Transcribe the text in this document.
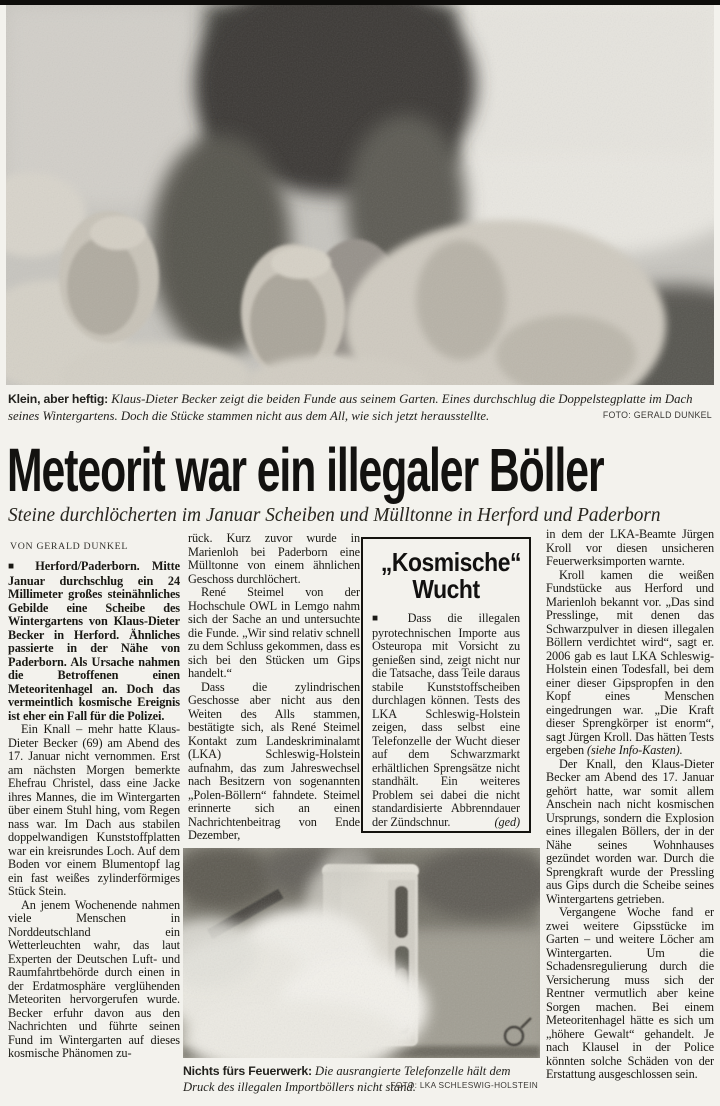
Klein, aber heftig: Klaus-Dieter Becker zeigt die beiden Funde aus seinem Garten. Eines durchschlug die Doppelstegplatte im Dach seines Wintergartens. Doch die Stücke stammen nicht aus dem All, wie sich jetzt herausstellte.	FOTO: GERALD DUNKEL
Meteorit war ein illegaler Böller
Steine durchlöcherten im Januar Scheiben und Mülltonne in Herford und Paderborn
VON GERALD DUNKEL

■ Herford/Paderborn. Mitte Januar durchschlug ein 24 Millimeter großes steinähnliches Gebilde eine Scheibe des Wintergartens von Klaus-Dieter Becker in Herford. Ähnliches passierte in der Nähe von Paderborn. Als Ursache nahmen die Betroffenen einen Meteoritenhagel an. Doch das vermeintlich kosmische Ereignis ist eher ein Fall für die Polizei.

Ein Knall – mehr hatte Klaus-Dieter Becker (69) am Abend des 17. Januar nicht vernommen. Erst am nächsten Morgen bemerkte Ehefrau Christel, dass eine Jacke ihres Mannes, die im Wintergarten über einem Stuhl hing, vom Regen nass war. Im Dach aus stabilen doppelwandigen Kunststoffplatten war ein kreisrundes Loch. Auf dem Boden vor einem Blumentopf lag ein fast weißes zylinderförmiges Stück Stein.

An jenem Wochenende nahmen viele Menschen in Norddeutschland ein Wetterleuchten wahr, das laut Experten der Deutschen Luft- und Raumfahrtbehörde durch einen in der Erdatmosphäre verglühenden Meteoriten hervorgerufen wurde. Becker erfuhr davon aus den Nachrichten und führte seinen Fund im Wintergarten auf dieses kosmische Phänomen zu-

rück. Kurz zuvor wurde in Marienloh bei Paderborn eine Mülltonne von einem ähnlichen Geschoss durchlöchert.

René Steimel von der Hochschule OWL in Lemgo nahm sich der Sache an und untersuchte die Funde. „Wir sind relativ schnell zu dem Schluss gekommen, dass es sich bei den Stücken um Gips handelt.“

Dass die zylindrischen Geschosse aber nicht aus den Weiten des Alls stammen, bestätigte sich, als René Steimel Kontakt zum Landeskriminalamt (LKA) Schleswig-Holstein aufnahm, das zum Jahreswechsel nach Besitzern von sogenannten „Polen-Böllern“ fahndete. Steimel erinnerte sich an einen Nachrichtenbeitrag von Ende Dezember,

„Kosmische“
Wucht

■ Dass die illegalen pyrotechnischen Importe aus Osteuropa mit Vorsicht zu genießen sind, zeigt nicht nur die Tatsache, dass Teile daraus stabile Kunststoffscheiben durchlagen können. Tests des LKA Schleswig-Holstein zeigen, dass selbst eine Telefonzelle der Wucht dieser auf dem Schwarzmarkt erhältlichen Sprengsätze nicht standhält. Ein weiteres Problem sei dabei die nicht standardisierte Abbrenndauer der Zündschnur.	(ged)

in dem der LKA-Beamte Jürgen Kroll vor diesen unsicheren Feuerwerksimporten warnte.

Kroll kamen die weißen Fundstücke aus Herford und Marienloh bekannt vor. „Das sind Presslinge, mit denen das Schwarzpulver in diesen illegalen Böllern verdichtet wird“, sagt er. 2006 gab es laut LKA Schleswig-Holstein einen Todesfall, bei dem einer dieser Gipspropfen in den Kopf eines Menschen eingedrungen war. „Die Kraft dieser Sprengkörper ist enorm“, sagt Jürgen Kroll. Das hätten Tests ergeben (siehe Info-Kasten).

Der Knall, den Klaus-Dieter Becker am Abend des 17. Januar gehört hatte, war somit allem Anschein nach nicht kosmischen Ursprungs, sondern die Explosion eines illegalen Böllers, der in der Nähe seines Wohnhauses gezündet worden war. Durch die Sprengkraft wurde der Pressling aus Gips durch die Scheibe seines Wintergartens getrieben.

Vergangene Woche fand er zwei weitere Gipsstücke im Garten – und weitere Löcher am Wintergarten. Um die Schadensregulierung durch die Versicherung muss sich der Rentner vermutlich aber keine Sorgen machen. Bei einem Meteoritenhagel hätte es sich um „höhere Gewalt“ gehandelt. Je nach Klausel in der Police könnten solche Schäden von der Erstattung ausgeschlossen sein.

Nichts fürs Feuerwerk: Die ausrangierte Telefonzelle hält dem Druck des illegalen Importböllers nicht stand.
FOTO: LKA SCHLESWIG-HOLSTEIN
